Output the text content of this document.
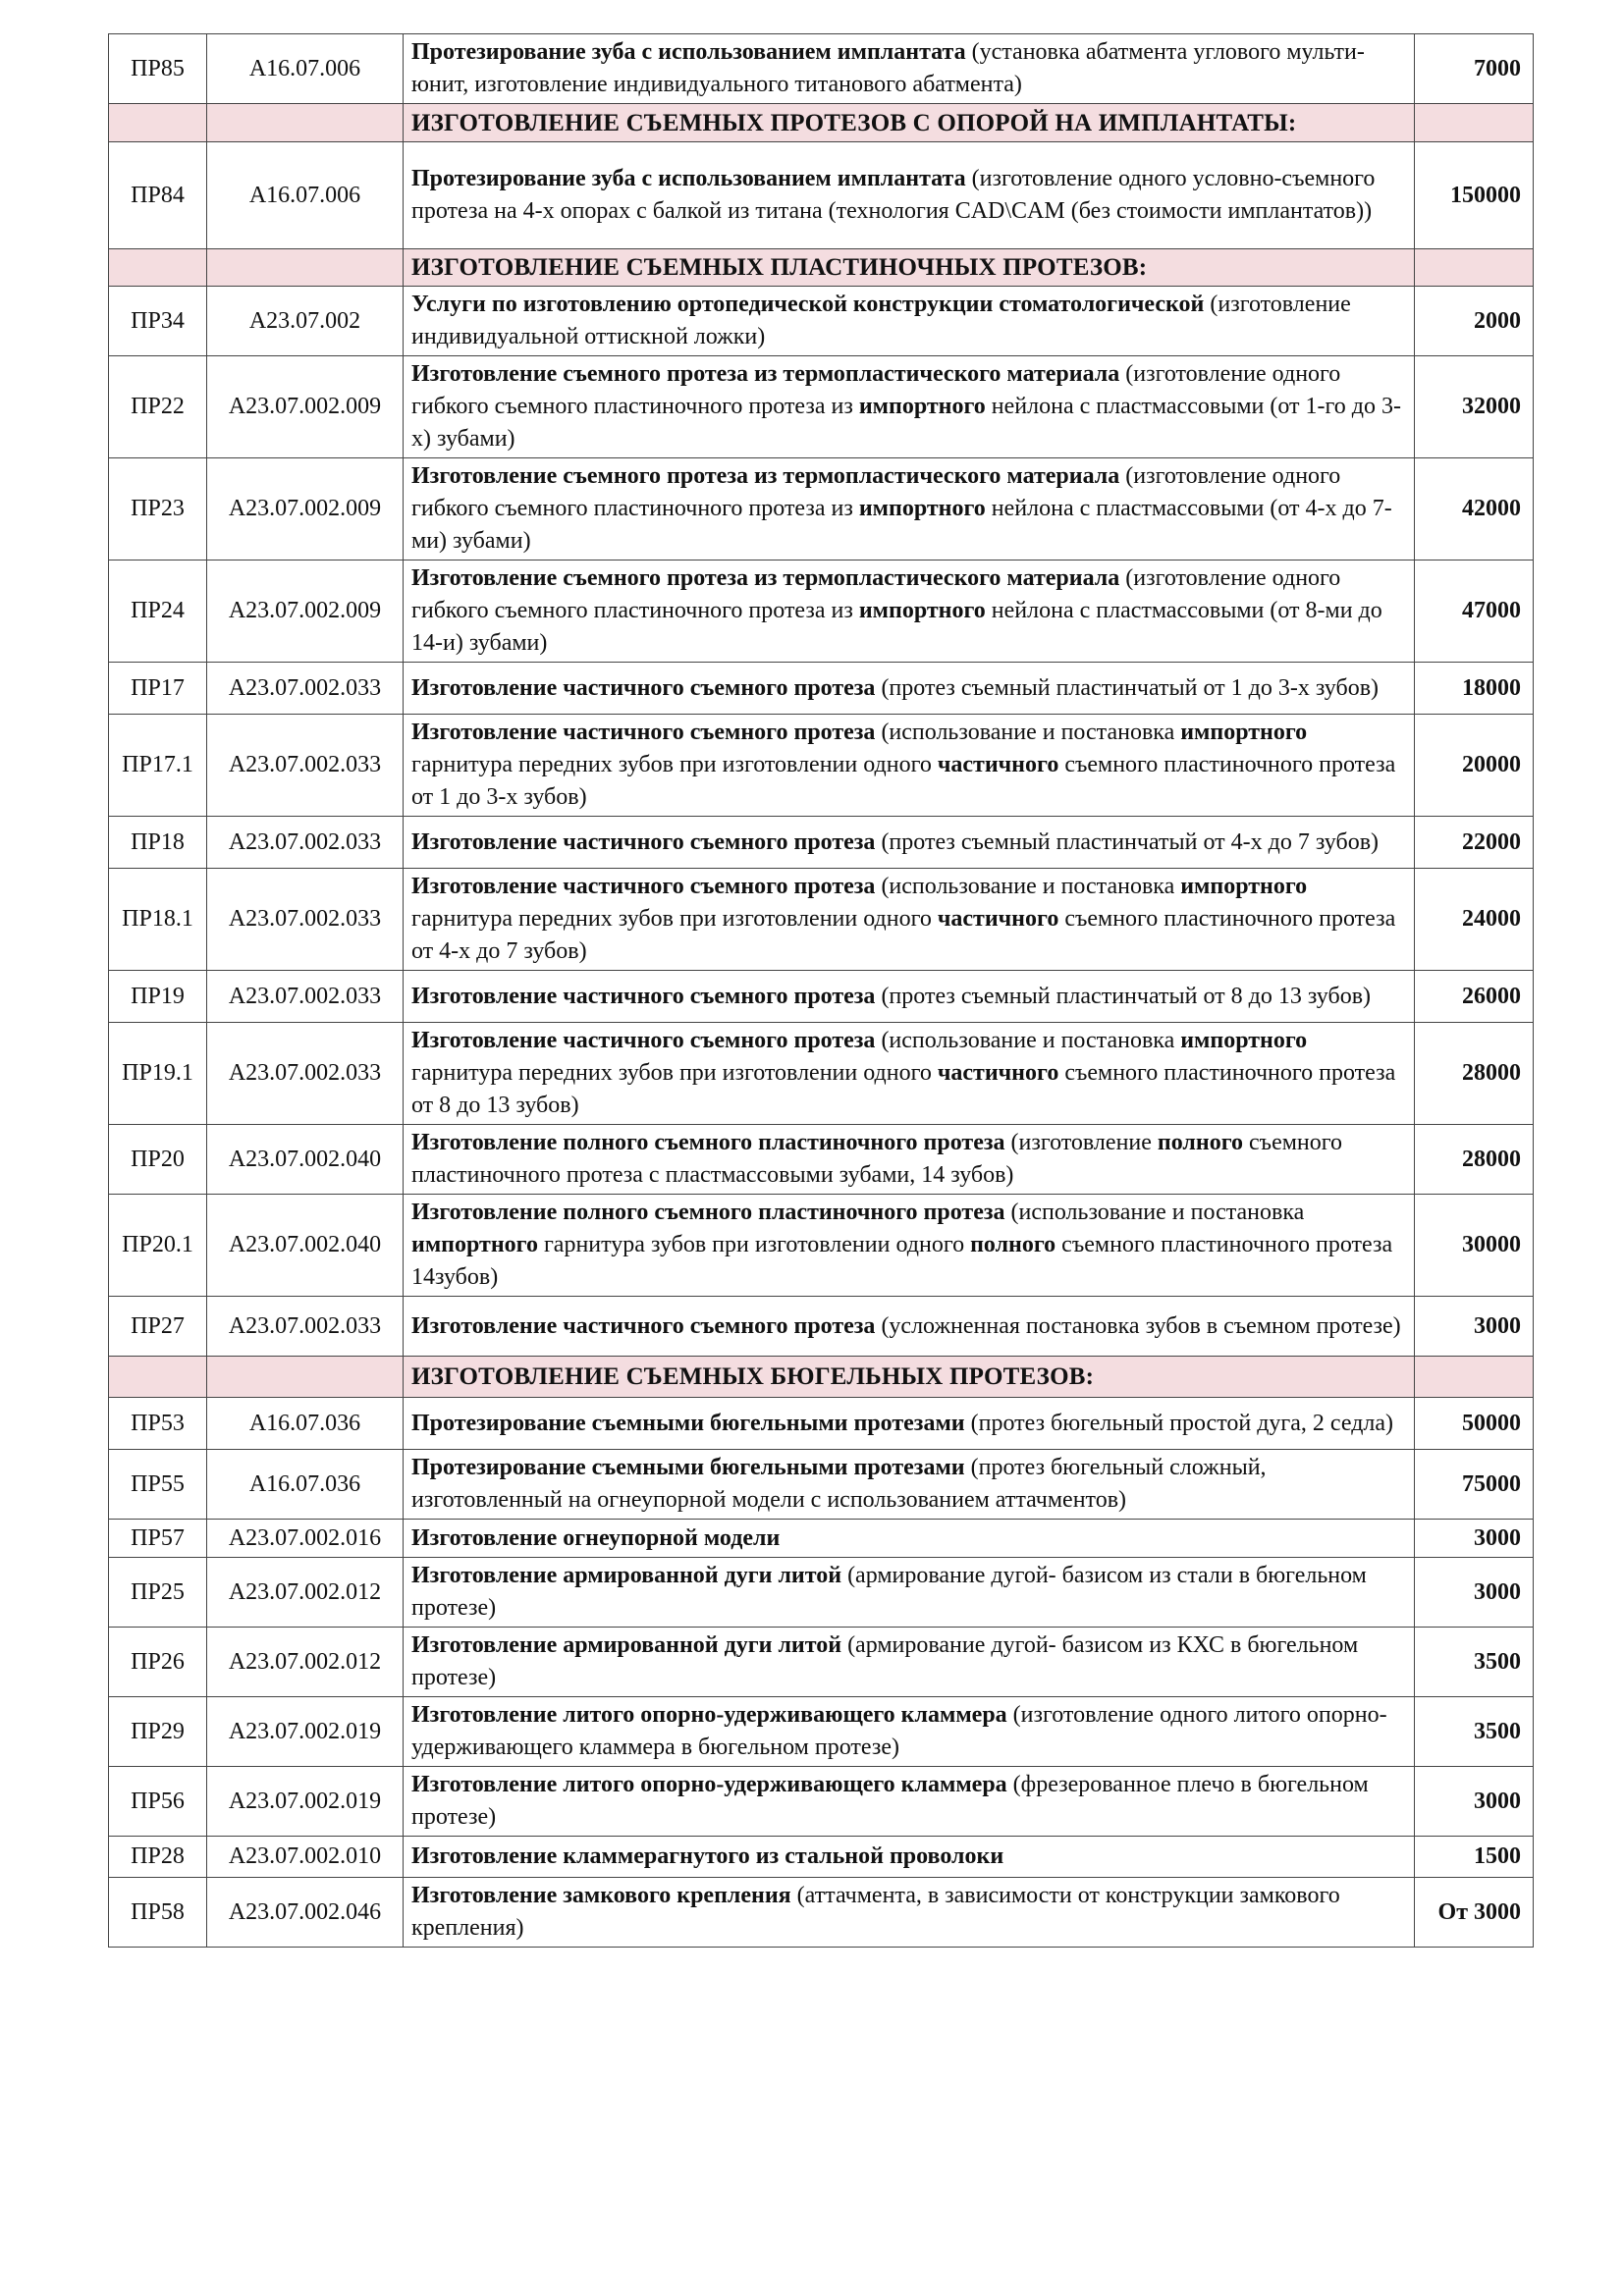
ПР85	A16.07.006	Протезирование зуба с использованием имплантата (установка абатмента углового мульти-юнит, изготовление индивидуального титанового абатмента)	7000
		ИЗГОТОВЛЕНИЕ СЪЕМНЫХ ПРОТЕЗОВ С ОПОРОЙ НА ИМПЛАНТАТЫ:	
ПР84	A16.07.006	Протезирование зуба с использованием имплантата (изготовление одного условно-съемного протеза на 4-х опорах с балкой из титана (технология CAD\CAM (без стоимости имплантатов))	150000
		ИЗГОТОВЛЕНИЕ СЪЕМНЫХ ПЛАСТИНОЧНЫХ ПРОТЕЗОВ:	
ПР34	A23.07.002	Услуги по изготовлению ортопедической конструкции стоматологической (изготовление индивидуальной оттискной ложки)	2000
ПР22	A23.07.002.009	Изготовление съемного протеза из термопластического материала (изготовление одного гибкого съемного пластиночного протеза из импортного нейлона с пластмассовыми (от 1-го до 3-х) зубами)	32000
ПР23	A23.07.002.009	Изготовление съемного протеза из термопластического материала (изготовление одного гибкого съемного пластиночного протеза из импортного нейлона с пластмассовыми (от 4-х до 7-ми) зубами)	42000
ПР24	A23.07.002.009	Изготовление съемного протеза из термопластического материала (изготовление одного гибкого съемного пластиночного протеза из импортного нейлона с пластмассовыми (от 8-ми до 14-и) зубами)	47000
ПР17	A23.07.002.033	Изготовление частичного съемного протеза (протез съемный пластинчатый от 1 до 3-х зубов)	18000
ПР17.1	A23.07.002.033	Изготовление частичного съемного протеза (использование и постановка импортного гарнитура передних зубов при изготовлении одного частичного съемного пластиночного протеза от 1 до 3-х зубов)	20000
ПР18	A23.07.002.033	Изготовление частичного съемного протеза (протез съемный пластинчатый от 4-х до 7 зубов)	22000
ПР18.1	A23.07.002.033	Изготовление частичного съемного протеза (использование и постановка импортного гарнитура передних зубов при изготовлении одного частичного съемного пластиночного протеза от 4-х до 7 зубов)	24000
ПР19	A23.07.002.033	Изготовление частичного съемного протеза (протез съемный пластинчатый от 8 до 13 зубов)	26000
ПР19.1	A23.07.002.033	Изготовление частичного съемного протеза (использование и постановка импортного гарнитура передних зубов при изготовлении одного частичного съемного пластиночного протеза от 8 до 13 зубов)	28000
ПР20	A23.07.002.040	Изготовление полного съемного пластиночного протеза (изготовление полного съемного пластиночного протеза с пластмассовыми зубами, 14 зубов)	28000
ПР20.1	A23.07.002.040	Изготовление полного съемного пластиночного протеза (использование и постановка импортного гарнитура зубов при изготовлении одного полного съемного пластиночного протеза 14зубов)	30000
ПР27	A23.07.002.033	Изготовление частичного съемного протеза (усложненная постановка зубов в съемном протезе)	3000
		ИЗГОТОВЛЕНИЕ СЪЕМНЫХ БЮГЕЛЬНЫХ ПРОТЕЗОВ:	
ПР53	A16.07.036	Протезирование съемными бюгельными протезами (протез бюгельный простой дуга, 2 седла)	50000
ПР55	A16.07.036	Протезирование съемными бюгельными протезами (протез бюгельный сложный, изготовленный на огнеупорной модели с использованием аттачментов)	75000
ПР57	A23.07.002.016	Изготовление огнеупорной модели	3000
ПР25	A23.07.002.012	Изготовление армированной дуги литой (армирование дугой- базисом из стали в бюгельном протезе)	3000
ПР26	A23.07.002.012	Изготовление армированной дуги литой (армирование дугой- базисом из КХС в бюгельном протезе)	3500
ПР29	A23.07.002.019	Изготовление литого опорно-удерживающего кламмера (изготовление одного литого опорно-удерживающего кламмера в бюгельном протезе)	3500
ПР56	A23.07.002.019	Изготовление литого опорно-удерживающего кламмера (фрезерованное плечо в бюгельном протезе)	3000
ПР28	A23.07.002.010	Изготовление кламмерагнутого из стальной проволоки	1500
ПР58	A23.07.002.046	Изготовление замкового крепления (аттачмента, в зависимости от конструкции замкового крепления)	От 3000
